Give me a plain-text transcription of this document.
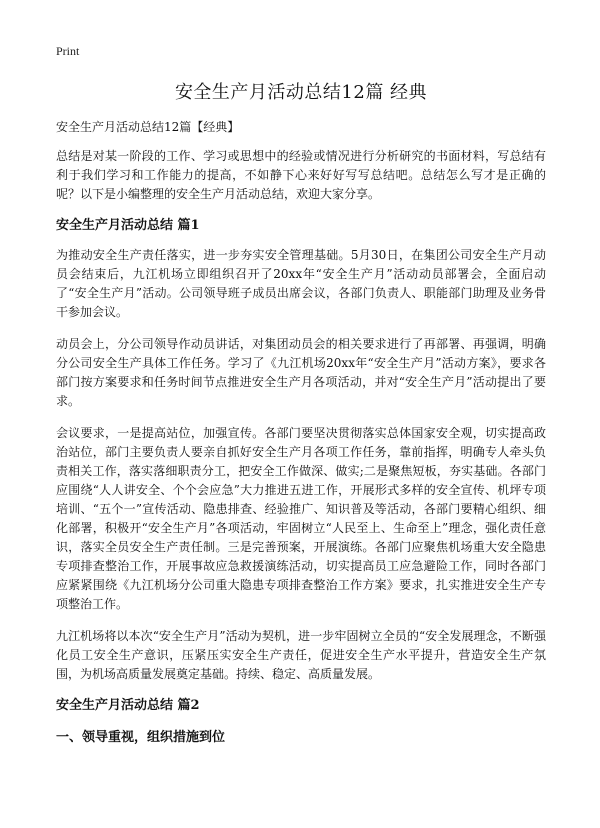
Print
安全生产月活动总结12篇 经典
安全生产月活动总结12篇【经典】

总结是对某一阶段的工作、学习或思想中的经验或情况进行分析研究的书面材料，写总结有利于我们学习和工作能力的提高，不如静下心来好好写写总结吧。总结怎么写才是正确的呢？以下是小编整理的安全生产月活动总结，欢迎大家分享。

安全生产月活动总结 篇1

为推动安全生产责任落实，进一步夯实安全管理基础。5月30日，在集团公司安全生产月动员会结束后，九江机场立即组织召开了20xx年“安全生产月”活动动员部署会，全面启动了“安全生产月”活动。公司领导班子成员出席会议，各部门负责人、职能部门助理及业务骨干参加会议。

动员会上，分公司领导作动员讲话，对集团动员会的相关要求进行了再部署、再强调，明确分公司安全生产具体工作任务。学习了《九江机场20xx年“安全生产月”活动方案》，要求各部门按方案要求和任务时间节点推进安全生产月各项活动，并对“安全生产月”活动提出了要求。

会议要求，一是提高站位，加强宣传。各部门要坚决贯彻落实总体国家安全观，切实提高政治站位，部门主要负责人要亲自抓好安全生产月各项工作任务，靠前指挥，明确专人牵头负责相关工作，落实落细职责分工，把安全工作做深、做实;二是聚焦短板，夯实基础。各部门应围绕“人人讲安全、个个会应急”大力推进五进工作，开展形式多样的安全宣传、机坪专项培训、“五个一”宣传活动、隐患排查、经验推广、知识普及等活动，各部门要精心组织、细化部署，积极开“安全生产月”各项活动，牢固树立“人民至上、生命至上”理念，强化责任意识，落实全员安全生产责任制。三是完善预案，开展演练。各部门应聚焦机场重大安全隐患专项排查整治工作，开展事故应急救援演练活动，切实提高员工应急避险工作，同时各部门应紧紧围绕《九江机场分公司重大隐患专项排查整治工作方案》要求，扎实推进安全生产专项整治工作。

九江机场将以本次“安全生产月”活动为契机，进一步牢固树立全员的“安全发展理念，不断强化员工安全生产意识，压紧压实安全生产责任，促进安全生产水平提升，营造安全生产氛围，为机场高质量发展奠定基础。持续、稳定、高质量发展。

安全生产月活动总结 篇2
一、领导重视，组织措施到位
